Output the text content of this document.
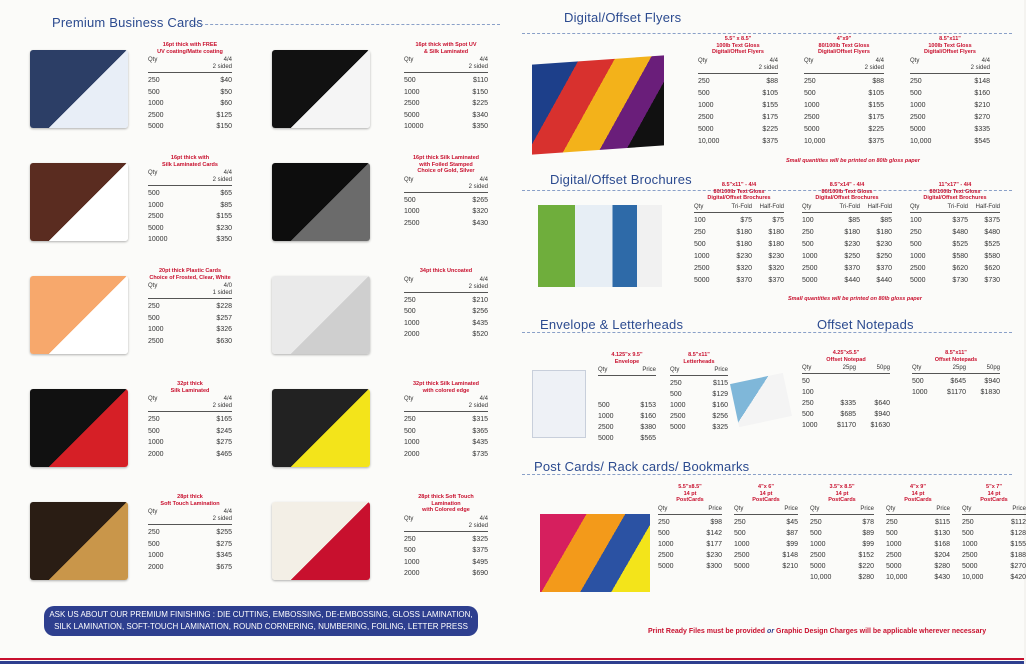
Premium Business Cards
16pt thick with FREE
UV coating/Matte coating
Qty	4/4
2 sided
250	$40
500	$50
1000	$60
2500	$125
5000	$150
16pt thick with Spot UV
& Silk Laminated
Qty	4/4
2 sided
500	$110
1000	$150
2500	$225
5000	$340
10000	$350
16pt thick with
Silk Laminated Cards
Qty	4/4
2 sided
500	$65
1000	$85
2500	$155
5000	$230
10000	$350
16pt thick Silk Laminated
with Foiled Stamped
Choice of Gold, Silver
Qty	4/4
2 sided
500	$265
1000	$320
2500	$430
20pt thick Plastic Cards
Choice of Frosted, Clear, White
Qty	4/0
1 sided
250	$228
500	$257
1000	$326
2500	$630
34pt thick Uncoated
Qty	4/4
2 sided
250	$210
500	$256
1000	$435
2000	$520
32pt thick
Silk Laminated
Qty	4/4
2 sided
250	$165
500	$245
1000	$275
2000	$465
32pt thick Silk Laminated
with colored edge
Qty	4/4
2 sided
250	$315
500	$365
1000	$435
2000	$735
28pt thick
Soft Touch Lamination
Qty	4/4
2 sided
250	$255
500	$275
1000	$345
2000	$675
28pt thick Soft Touch Lamination
with Colored edge
Qty	4/4
2 sided
250	$325
500	$375
1000	$495
2000	$690
ASK US ABOUT OUR PREMIUM FINISHING : DIE CUTTING, EMBOSSING, DE-EMBOSSING, GLOSS LAMINATION, SILK LAMINATION, SOFT-TOUCH LAMINATION, ROUND CORNERING, NUMBERING, FOILING, LETTER PRESS
Digital/Offset Flyers
Digital/Offset Brochures
Envelope & Letterheads	Offset Notepads
Post Cards/ Rack cards/ Bookmarks
5.5" x 8.5"
100lb Text Gloss
Digital/Offset Flyers
Qty	4/4
2 sided
250	$88
500	$105
1000	$155
2500	$175
5000	$225
10,000	$375
4"x9"
80/100lb Text Gloss
Digital/Offset Flyers
Qty	4/4
2 sided
250	$88
500	$105
1000	$155
2500	$175
5000	$225
10,000	$375
8.5"x11"
100lb Text Gloss
Digital/Offset Flyers
Qty	4/4
2 sided
250	$148
500	$160
1000	$210
2500	$270
5000	$335
10,000	$545
8.5"x11" - 4/4
80/100lb Text Gloss
Digital/Offset Brochures
Qty	Tri-Fold	Half-Fold
100	$75	$75
250	$180	$180
500	$180	$180
1000	$230	$230
2500	$320	$320
5000	$370	$370
8.5"x14" - 4/4
80/100lb Text Gloss
Digital/Offset Brochures
Qty	Tri-Fold	Half-Fold
100	$85	$85
250	$180	$180
500	$230	$230
1000	$250	$250
2500	$370	$370
5000	$440	$440
11"x17" - 4/4
80/100lb Text Gloss
Digital/Offset Brochures
Qty	Tri-Fold	Half-Fold
100	$375	$375
250	$480	$480
500	$525	$525
1000	$580	$580
2500	$620	$620
5000	$730	$730
4.125"x 9.5"
Envelope
Qty	Price
500	$153
1000	$160
2500	$380
5000	$565
8.5"x11"
Letterheads
Qty	Price
250	$115
500	$129
1000	$160
2500	$256
5000	$325
4.25"x5.5"
Offset Notepad
Qty	25pg	50pg
50
100
250	$335	$640
500	$685	$940
1000	$1170	$1630
8.5"x11"
Offset Notepads
Qty	25pg	50pg
500	$645	$940
1000	$1170	$1830
5.5"x8.5"
14 pt
PostCards
Qty	Price
250	$98
500	$142
1000	$177
2500	$230
5000	$300
4"x 6"
14 pt
PostCards
Qty	Price
250	$45
500	$87
1000	$99
2500	$148
5000	$210
3.5"x 8.5"
14 pt
PostCards
Qty	Price
250	$78
500	$89
1000	$99
2500	$152
5000	$220
10,000	$280
4"x 9"
14 pt
PostCards
Qty	Price
250	$115
500	$130
1000	$168
2500	$204
5000	$280
10,000	$430
5"x 7"
14 pt
PostCards
Qty	Price
250	$112
500	$128
1000	$155
2500	$188
5000	$270
10,000	$420
Small quantities will be printed on 80lb gloss paper
Small quantities will be printed on 80lb gloss paper
Print Ready Files must be provided or Graphic Design Charges will be applicable wherever necessary
